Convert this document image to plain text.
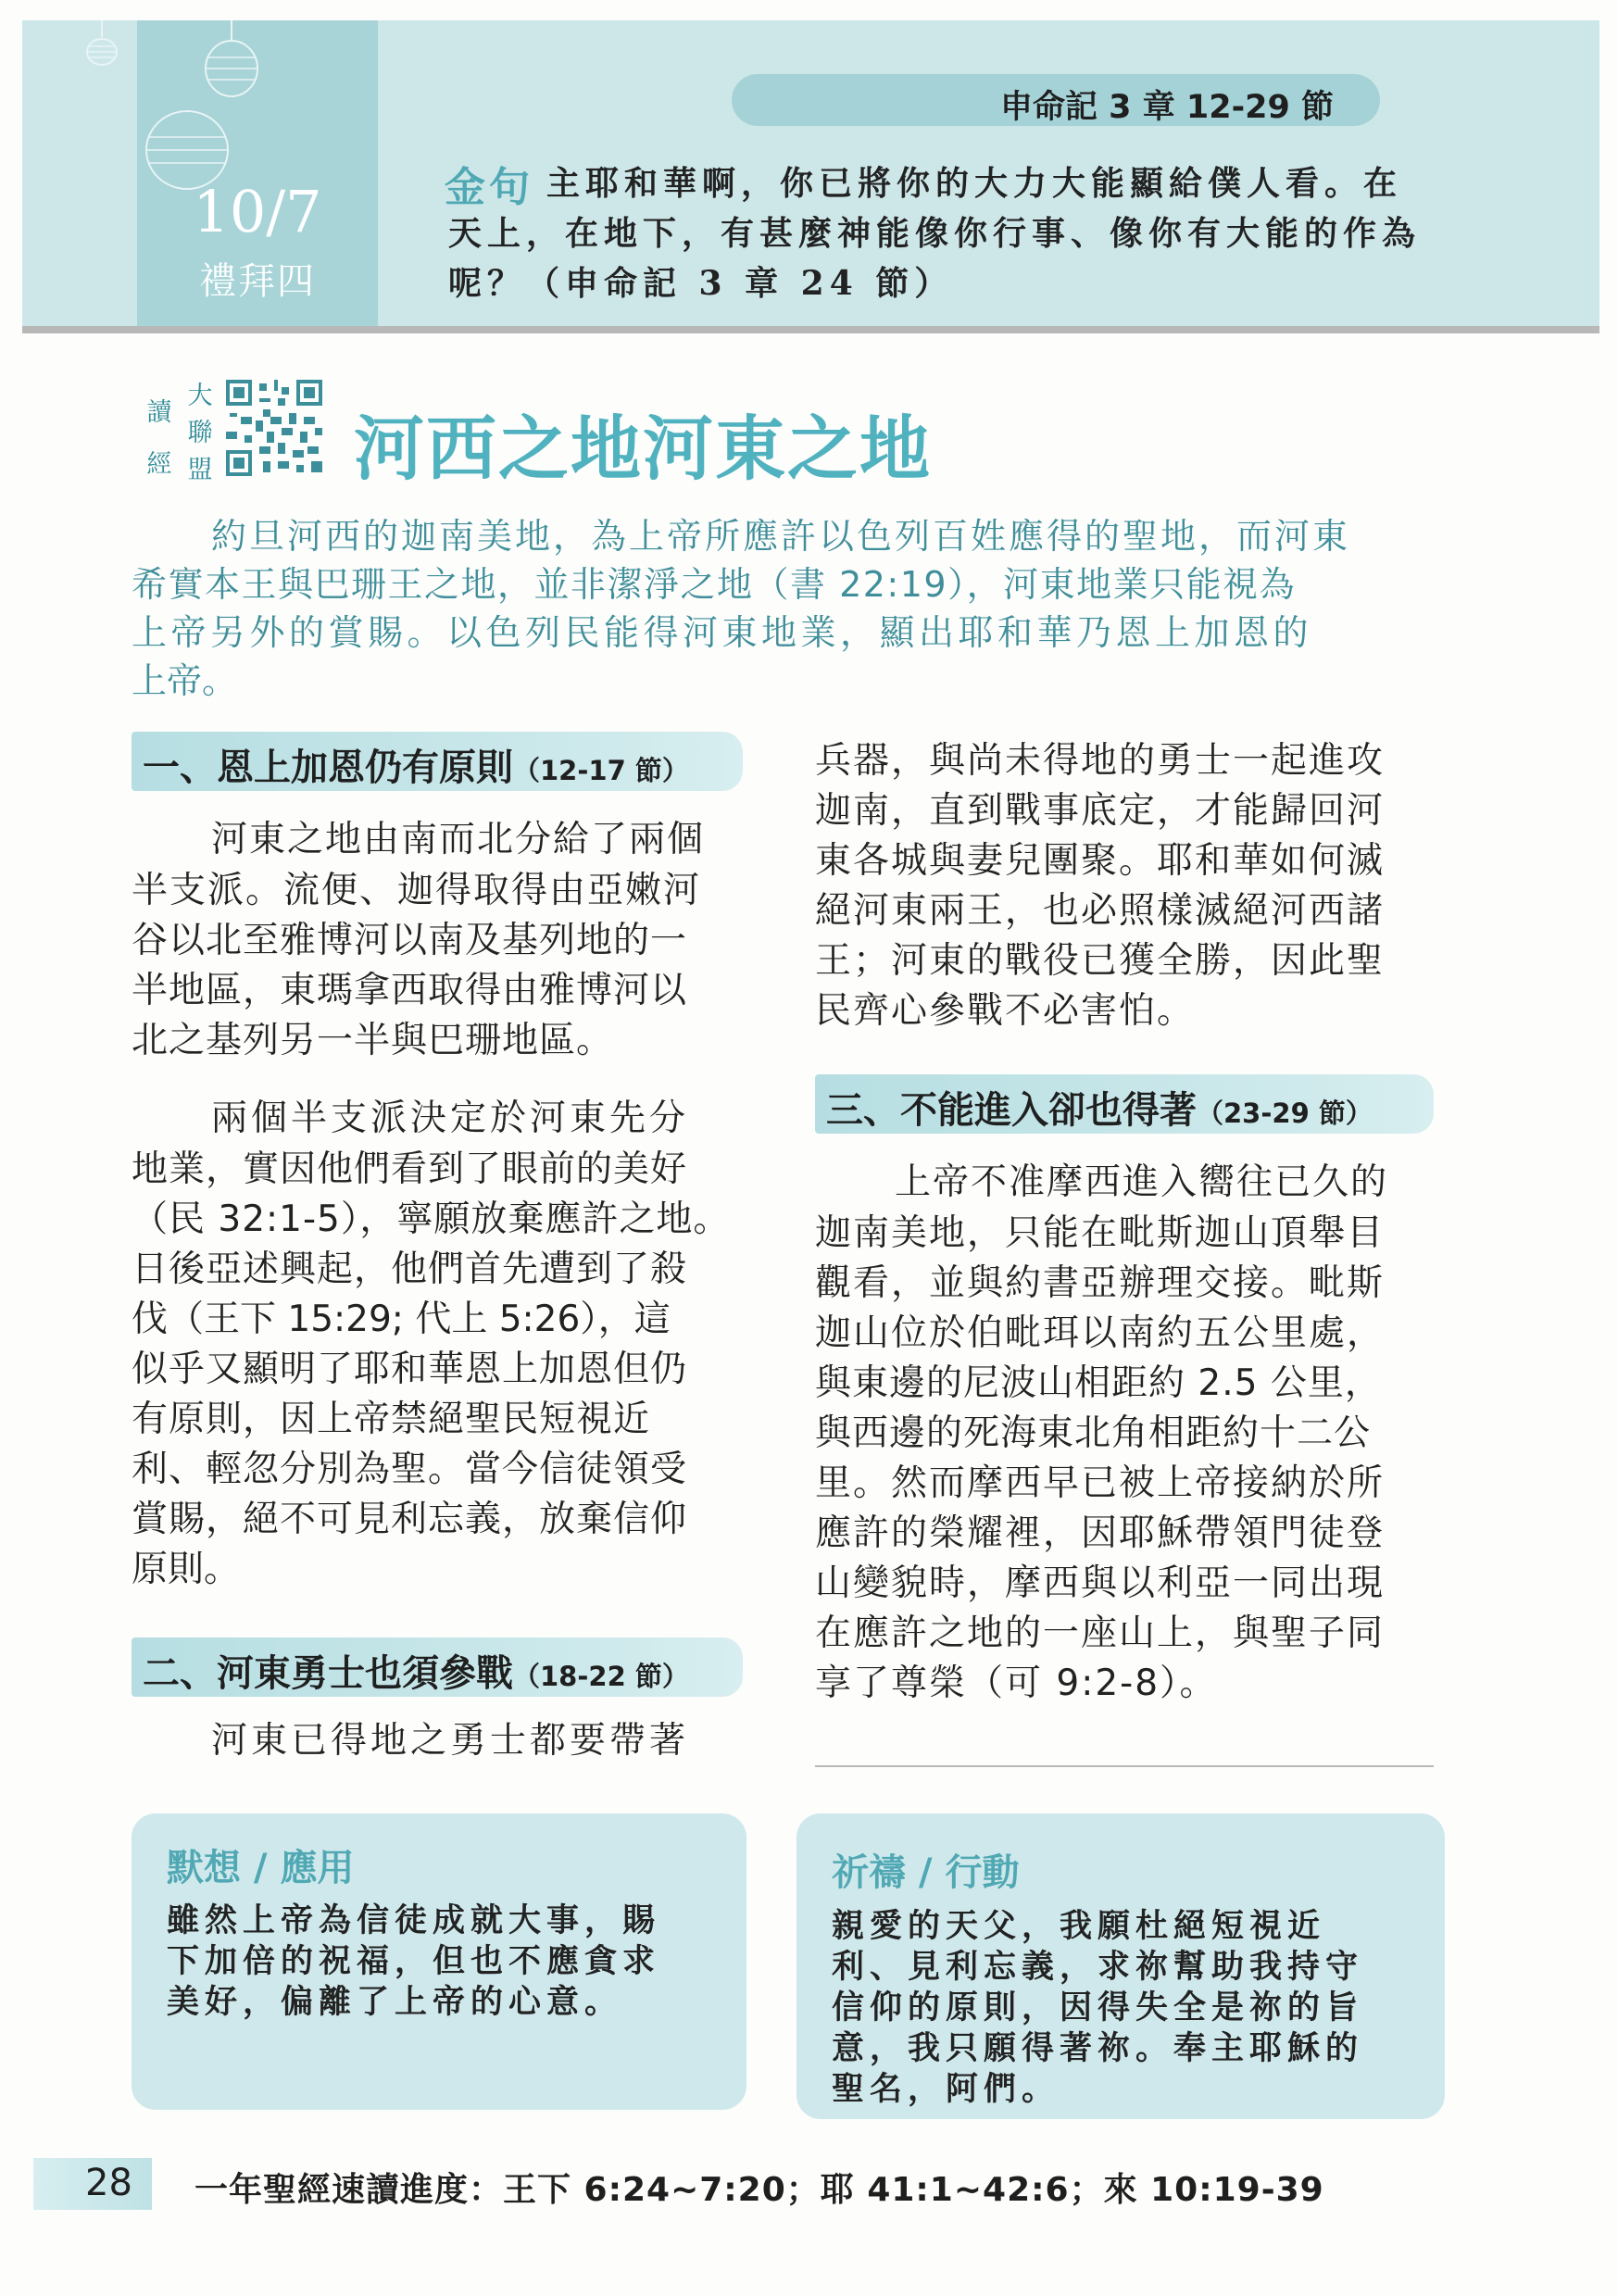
10/7
禮拜四
申命記 3 章 12-29 節
金句 主耶和華啊，你已將你的大力大能顯給僕人看。在
天上，在地下，有甚麼神能像你行事、像你有大能的作為
呢？（申命記 3 章 24 節）
讀經
大聯盟 河西之地河東之地
約旦河西的迦南美地，為上帝所應許以色列百姓應得的聖地，而河東
希實本王與巴珊王之地，並非潔淨之地（書 22:19），河東地業只能視為
上帝另外的賞賜。以色列民能得河東地業，顯出耶和華乃恩上加恩的
上帝。
一、恩上加恩仍有原則（12-17 節）
河東之地由南而北分給了兩個
半支派。流便、迦得取得由亞嫩河
谷以北至雅博河以南及基列地的一
半地區，東瑪拿西取得由雅博河以
北之基列另一半與巴珊地區。
兩個半支派決定於河東先分
地業，實因他們看到了眼前的美好
（民 32:1-5），寧願放棄應許之地。
日後亞述興起，他們首先遭到了殺
伐（王下 15:29; 代上 5:26），這
似乎又顯明了耶和華恩上加恩但仍
有原則，因上帝禁絕聖民短視近
利、輕忽分別為聖。當今信徒領受
賞賜，絕不可見利忘義，放棄信仰
原則。
二、河東勇士也須參戰（18-22 節）
河東已得地之勇士都要帶著
兵器，與尚未得地的勇士一起進攻
迦南，直到戰事底定，才能歸回河
東各城與妻兒團聚。耶和華如何滅
絕河東兩王，也必照樣滅絕河西諸
王；河東的戰役已獲全勝，因此聖
民齊心參戰不必害怕。
三、不能進入卻也得著（23-29 節）
上帝不准摩西進入嚮往已久的
迦南美地，只能在毗斯迦山頂舉目
觀看，並與約書亞辦理交接。毗斯
迦山位於伯毗珥以南約五公里處，
與東邊的尼波山相距約 2.5 公里，
與西邊的死海東北角相距約十二公
里。然而摩西早已被上帝接納於所
應許的榮耀裡，因耶穌帶領門徒登
山變貌時，摩西與以利亞一同出現
在應許之地的一座山上，與聖子同
享了尊榮（可 9:2-8）。
默想 / 應用
雖然上帝為信徒成就大事，賜
下加倍的祝福，但也不應貪求
美好，偏離了上帝的心意。
祈禱 / 行動
親愛的天父，我願杜絕短視近
利、見利忘義，求祢幫助我持守
信仰的原則，因得失全是祢的旨
意，我只願得著祢。奉主耶穌的
聖名，阿們。
28 一年聖經速讀進度：王下 6:24~7:20；耶 41:1~42:6；來 10:19-39
